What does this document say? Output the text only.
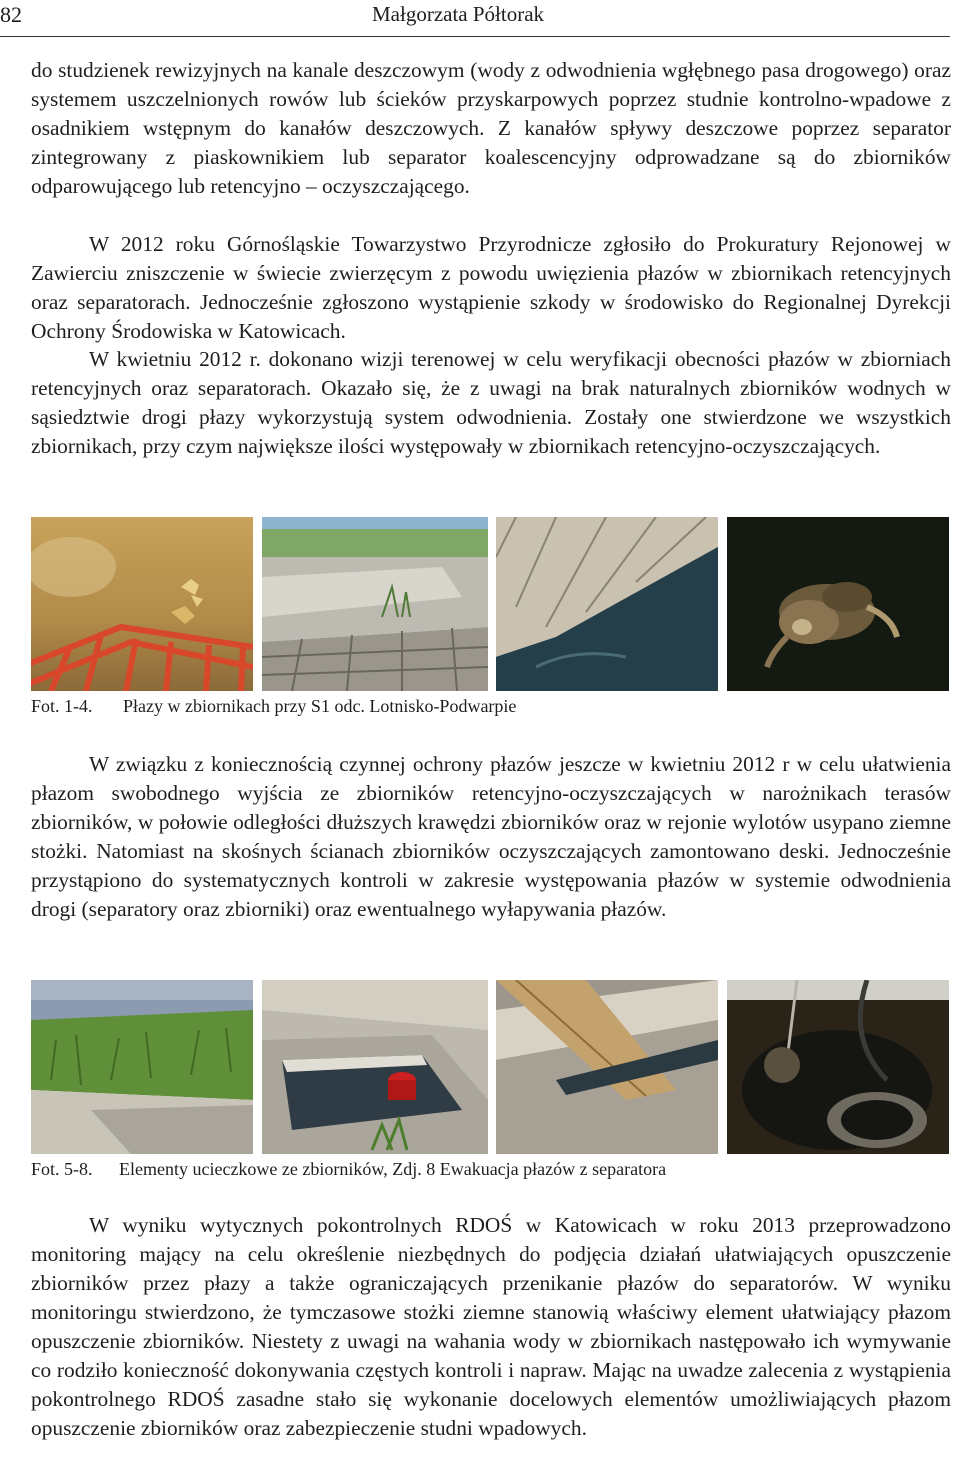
82	Małgorzata Półtorak

do studzienek rewizyjnych na kanale deszczowym (wody z odwodnienia wgłębnego pasa drogowego) oraz systemem uszczelnionych rowów lub ścieków przyskarpowych poprzez studnie kontrolno-wpadowe z osadnikiem wstępnym do kanałów deszczowych. Z kanałów spływy deszczowe poprzez separator zintegrowany z piaskownikiem lub separator koalescencyjny odprowadzane są do zbiorników odparowującego lub retencyjno – oczyszczającego.

W 2012 roku Górnośląskie Towarzystwo Przyrodnicze zgłosiło do Prokuratury Rejonowej w Zawierciu zniszczenie w świecie zwierzęcym z powodu uwięzienia płazów w zbiornikach retencyjnych oraz separatorach. Jednocześnie zgłoszono wystąpienie szkody w środowisko do Regionalnej Dyrekcji Ochrony Środowiska w Katowicach.

W kwietniu 2012 r. dokonano wizji terenowej w celu weryfikacji obecności płazów w zbiorniach retencyjnych oraz separatorach. Okazało się, że z uwagi na brak naturalnych zbiorników wodnych w sąsiedztwie drogi płazy wykorzystują system odwodnienia. Zostały one stwierdzone we wszystkich zbiornikach, przy czym największe ilości występowały w zbiornikach retencyjno-oczyszczających.

Fot. 1-4. Płazy w zbiornikach przy S1 odc. Lotnisko-Podwarpie

W związku z koniecznością czynnej ochrony płazów jeszcze w kwietniu 2012 r w celu ułatwienia płazom swobodnego wyjścia ze zbiorników retencyjno-oczyszczających w narożnikach terasów zbiorników, w połowie odległości dłuższych krawędzi zbiorników oraz w rejonie wylotów usypano ziemne stożki. Natomiast na skośnych ścianach zbiorników oczyszczających zamontowano deski. Jednocześnie przystąpiono do systematycznych kontroli w zakresie występowania płazów w systemie odwodnienia drogi (separatory oraz zbiorniki) oraz ewentualnego wyłapywania płazów.

Fot. 5-8. Elementy ucieczkowe ze zbiorników, Zdj. 8 Ewakuacja płazów z separatora

W wyniku wytycznych pokontrolnych RDOŚ w Katowicach w roku 2013 przeprowadzono monitoring mający na celu określenie niezbędnych do podjęcia działań ułatwiających opuszczenie zbiorników przez płazy a także ograniczających przenikanie płazów do separatorów. W wyniku monitoringu stwierdzono, że tymczasowe stożki ziemne stanowią właściwy element ułatwiający płazom opuszczenie zbiorników. Niestety z uwagi na wahania wody w zbiornikach następowało ich wymywanie co rodziło konieczność dokonywania częstych kontroli i napraw. Mając na uwadze zalecenia z wystąpienia pokontrolnego RDOŚ zasadne stało się wykonanie docelowych elementów umożliwiających płazom opuszczenie zbiorników oraz zabezpieczenie studni wpadowych.
